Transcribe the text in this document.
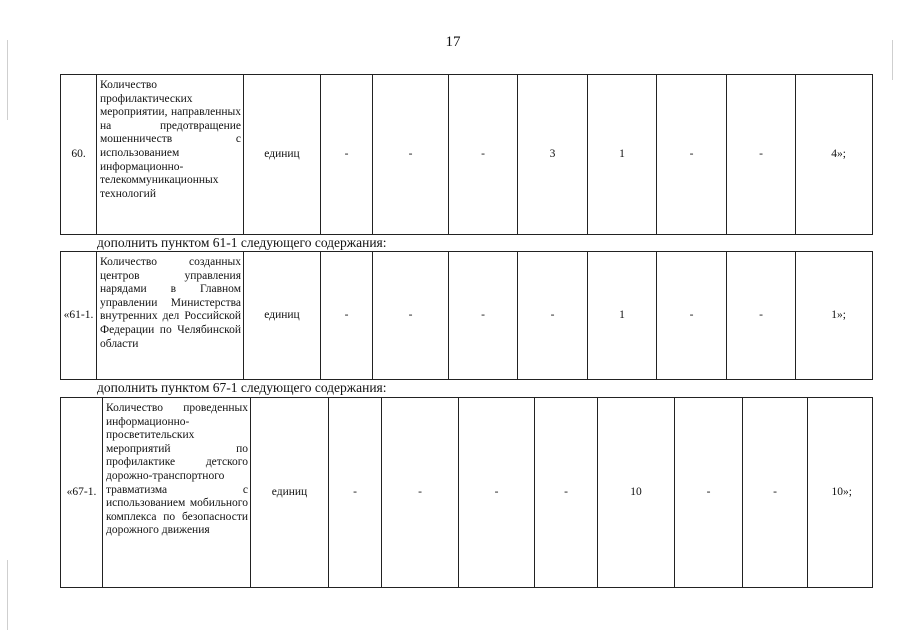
17
60.	Количество профилактических мероприятии, направленных на предотвращение мошенничеств с использованием информационно-телекоммуникационных технологий	единиц	-	-	-	3	1	-	-	4»;
дополнить пунктом 61-1 следующего содержания:
«61-1.	Количество созданных центров управления нарядами в Главном управлении Министерства внутренних дел Российской Федерации по Челябинской области	единиц	-	-	-	-	1	-	-	1»;
дополнить пунктом 67-1 следующего содержания:
«67-1.	Количество проведенных информационно-просветительских мероприятий по профилактике детского дорожно-транспортного травматизма с использованием мобильного комплекса по безопасности дорожного движения	единиц	-	-	-	-	10	-	-	10»;
